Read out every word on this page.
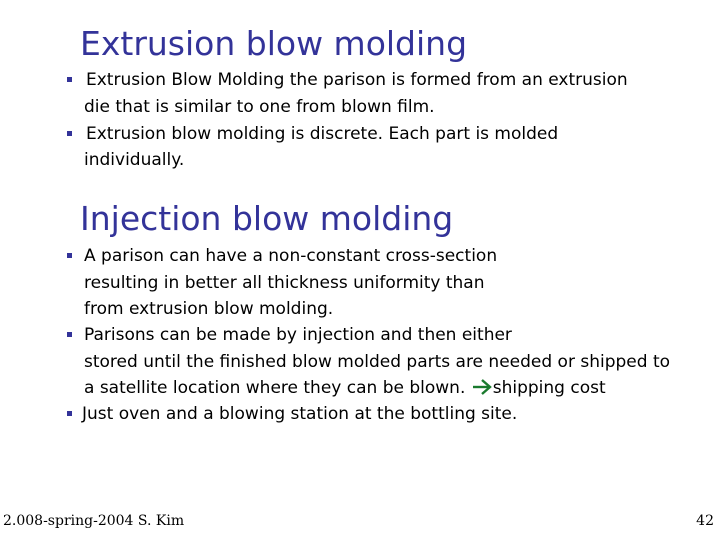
Extrusion blow molding
Extrusion Blow Molding the parison is formed from an extrusion
die that is similar to one from blown film.
Extrusion blow molding is discrete. Each part is molded
individually.
Injection blow molding
A parison can have a non-constant cross-section
resulting in better all thickness uniformity than
from extrusion blow molding.
Parisons can be made by injection and then either
stored until the finished blow molded parts are needed or shipped to
a satellite location where they can be blown. shipping cost
Just oven and a blowing station at the bottling site.
2.008-spring-2004 S. Kim	42
